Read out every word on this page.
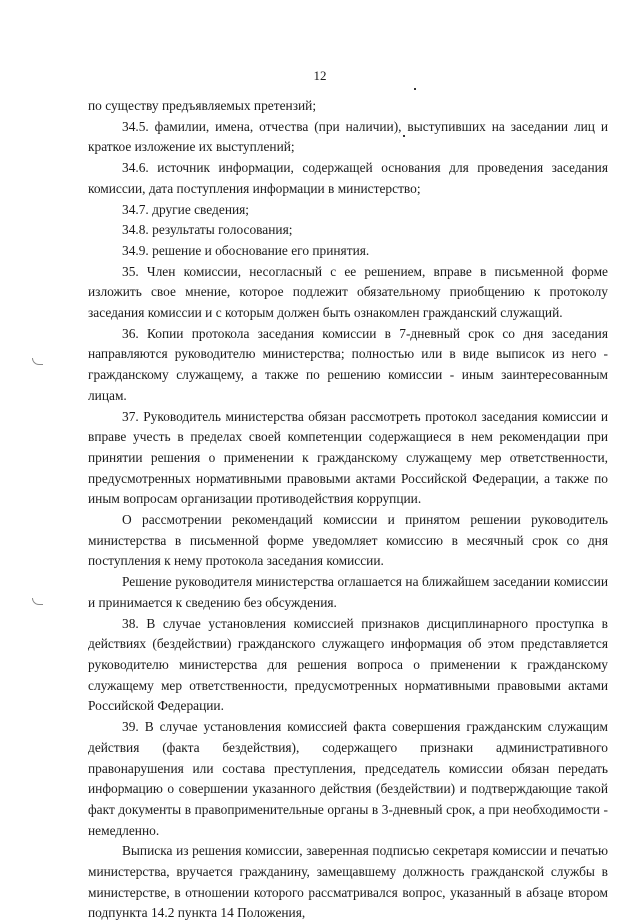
12

по существу предъявляемых претензий;

34.5. фамилии, имена, отчества (при наличии), выступивших на заседании лиц и краткое изложение их выступлений;

34.6. источник информации, содержащей основания для проведения заседания комиссии, дата поступления информации в министерство;

34.7. другие сведения;

34.8. результаты голосования;

34.9. решение и обоснование его принятия.

35. Член комиссии, несогласный с ее решением, вправе в письменной форме изложить свое мнение, которое подлежит обязательному приобщению к протоколу заседания комиссии и с которым должен быть ознакомлен гражданский служащий.

36. Копии протокола заседания комиссии в 7-дневный срок со дня заседания направляются руководителю министерства; полностью или в виде выписок из него - гражданскому служащему, а также по решению комиссии - иным заинтересованным лицам.

37. Руководитель министерства обязан рассмотреть протокол заседания комиссии и вправе учесть в пределах своей компетенции содержащиеся в нем рекомендации при принятии решения о применении к гражданскому служащему мер ответственности, предусмотренных нормативными правовыми актами Российской Федерации, а также по иным вопросам организации противодействия коррупции.

О рассмотрении рекомендаций комиссии и принятом решении руководитель министерства в письменной форме уведомляет комиссию в месячный срок со дня поступления к нему протокола заседания комиссии.

Решение руководителя министерства оглашается на ближайшем заседании комиссии и принимается к сведению без обсуждения.

38. В случае установления комиссией признаков дисциплинарного проступка в действиях (бездействии) гражданского служащего информация об этом представляется руководителю министерства для решения вопроса о применении к гражданскому служащему мер ответственности, предусмотренных нормативными правовыми актами Российской Федерации.

39. В случае установления комиссией факта совершения гражданским служащим действия (факта бездействия), содержащего признаки административного правонарушения или состава преступления, председатель комиссии обязан передать информацию о совершении указанного действия (бездействии) и подтверждающие такой факт документы в правоприменительные органы в 3-дневный срок, а при необходимости - немедленно.

Выписка из решения комиссии, заверенная подписью секретаря комиссии и печатью министерства, вручается гражданину, замещавшему должность гражданской службы в министерстве, в отношении которого рассматривался вопрос, указанный в абзаце втором подпункта 14.2 пункта 14 Положения,
